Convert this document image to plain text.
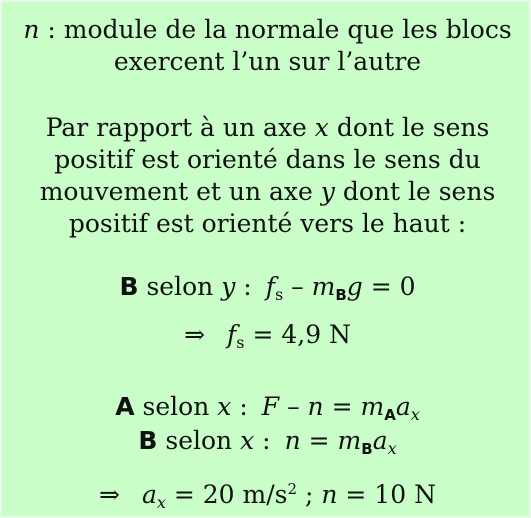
n : module de la normale que les blocs
exercent l’un sur l’autre
Par rapport à un axe x dont le sens
positif est orienté dans le sens du
mouvement et un axe y dont le sens
positif est orienté vers le haut :
B selon y : $f_s - m_Bg = 0$
⇒ $f_s = 4,9$ N
A selon x : $F - n = m_Aa_x$
B selon x : $n = m_Ba_x$
⇒ $a_x = 20$ $m/s^2$ ; n = 10 N
